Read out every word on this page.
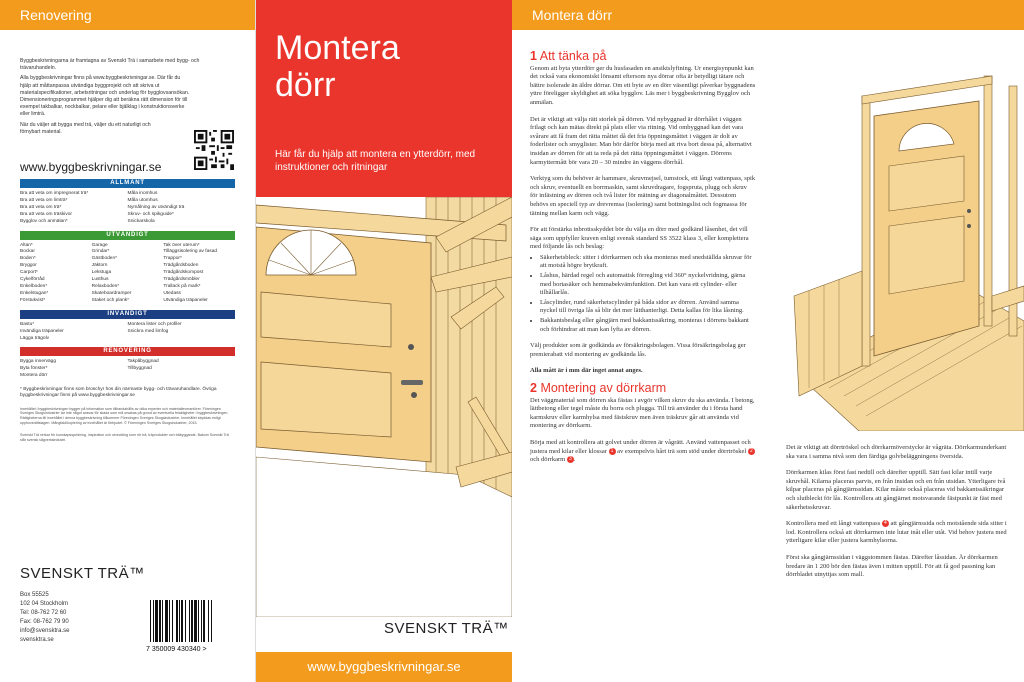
Renovering

Byggbeskrivningarna är framtagna av Svenskt Trä i samarbete med bygg- och trävaruhandeln.

Alla byggbeskrivningar finns på www.byggbeskrivningar.se. Där får du hjälp att måttanpassa utvändiga byggprojekt och att skriva ut materialspecifikationer, arbetsritningar och underlag för bygglovsansökan. Dimensioneringsprogrammet hjälper dig att beräkna rätt dimension för till exempel takbalkar, nockbalkar, pelare eller bjälklag i konstruktionsverke eller limträ.

När du väljer att bygga med trä, väljer du ett naturligt och förnybart material.

www.byggbeskrivningar.se
ALLMÄNT
Bra att veta om impregnerat trä*
Bra att veta om limträ*
Bra att veta om trä*
Bra att veta om träskivor
Bygglov och anmälan*
Måla inomhus
Måla utomhus
Nymålning av utvändigt trä
Skruv- och spikguide*
Snickarskola
UTVÄNDIGT
Altan*
Bockar
Boden*
Bryggor
Carport*
Cykelförråd
Enkelboden*
Enkelstugan*
Förstukvist*
Garage
Grindar*
Gästboden*
Jäktorn
Lekstuga
Lusthus
Relaxboden*
Skateboardramper
Staket och plank*
Tak över uterum*
Tilläggsisolering av fasad
Trappor*
Trädgårdsboden
Trädgårdskompost
Trädgårdsmöbler
Trallack på mark*
Utedass
Utvändiga träpaneler
INVÄNDIGT
Bastu*
Invändiga träpaneler
Lägga trägolv
Montera lister och profiler
Snickra med limfog
RENOVERING
Bygga innervägg
Byta fönster*
Montera dörr
Takpåbyggnad
Tillbyggnad
* Byggbeskrivningar finns som broschyr hos din närmaste bygg- och trävaruhandlare. Övriga byggbeskrivningar finns på www.byggbeskrivningar.se
Innehållet i byggbeskrivningen bygger på information som tillhandahålls av olika experter och materialleverantörer. Föreningen Sveriges Skogsindustrier tar inte något ansvar för skada som må orsakas på grund av eventuella felaktigheter i byggbeskrivningen. Rättigheterna till innehållet i denna byggbeskrivning tillkommer Föreningen Sveriges Skogsindustrier. Innehållet skyddas enligt upphovsrättslagen. Mångfald/kopiering av innehållet är förbjudet. © Föreningen Sveriges Skogsindustrier, 2015.
Svenskt Trä verkar för kunskapsspridning, inspiration och utveckling som rör trä, träprodukter och träbyggande. Bakom Svenskt Trä står svensk sågverksindustri.
SVENSKT TRÄ™
Box 55525
102 04 Stockholm
Tel: 08-762 72 60
Fax: 08-762 79 90
info@svensktra.se
svensktra.se
7 350009 430340 >
Montera
dörr
Här får du hjälp att montera en ytterdörr, med instruktioner och ritningar
SVENSKT TRÄ™
www.byggbeskrivningar.se
Montera dörr
1 Att tänka på

Genom att byta ytterdörr ger du husfasaden en ansiktslyftning. Ur energisynpunkt kan det också vara ekonomiskt lönsamt eftersom nya dörrar ofta är betydligt tätare och bättre isolerade än äldre dörrar. Om ett byte av en dörr väsentligt påverkar byggnadens yttre föreligger skyldighet att söka bygglov. Läs mer i byggbeskrivning Bygglov och anmälan.

Det är viktigt att välja rätt storlek på dörren. Vid nybyggnad är dörrhålet i väggen frilagt och kan mätas direkt på plats eller via ritning. Vid ombyggnad kan det vara svårare att få fram det rätta måttet då det fria öppningsmåttet i väggen är dolt av foderlister och smyglister. Man bör därför börja med att riva bort dessa på, alternativt insidan av dörren för att ta reda på det rätta öppningsmåttet i väggen. Dörrens karmyttermått bör vara 20 – 30 mindre än väggens dörrhål.

Verktyg som du behöver är hammare, skruvmejsel, tumstock, ett långt vattenpass, spik och skruv, eventuellt en borrmaskin, samt skruvdragare, fogspruta, plugg och skruv för infästning av dörren och två lister för mätning av diagonalmåttet. Dessutom behövs en speciell typ av drevremsa (isolering) samt bottningslist och fogmassa för tätning mellan karm och vägg.

För att förstärka inbrottsskyddet bör du välja en dörr med godkänd låsenhet, det vill säga som uppfyller kraven enligt svensk standard SS 3522 klass 3, eller komplettera med följande lås och beslag:

• Säkerhetsbleck: sitter i dörrkarmen och ska monteras med snedställda skruvar för att motstå högre brytkraft.
• Låshus, härdad regel och automatisk förregling vid 360° nyckelvridning, gärna med bortasäker och hemmabekvämfunktion. Det kan vara ett cylinder- eller tilhållarlås.
• Låscylinder, rund säkerhetscylinder på båda sidor av dörren. Använd samma nyckel till övriga lås så blir det mer lätthanterligt. Detta kallas för lika låsning.
• Bakkantsbeslag eller gångjärn med bakkantssäkring, monteras i dörrens bakkant och förhindrar att man kan lyfta av dörren.

Välj produkter som är godkända av försäkringsbolagen. Vissa försäkringsbolag ger premierabatt vid montering av godkända lås.

Alla mått är i mm där inget annat anges.

2 Montering av dörrkarm

Det väggmaterial som dörren ska fästas i avgör vilken skruv du ska använda. I betong, lättbetong eller tegel måste du borra och plugga. Till trä använder du i första hand karmskruv eller karmhylsa med fästskruv men även träskruv går att använda vid montering av dörrkarm.

Börja med att kontrollera att golvet under dörren är vågrätt. Använd vattenpasset och justera med kilar eller klossar 1 av exempelvis hårt trä som stöd under dörrtröskel 2 och dörrkarm 3 .

Det är viktigt att dörrtröskel och dörrkarmöverstycke är vågräta. Dörrkarmunderkant ska vara i samma nivå som den färdiga golvbeläggningens översida.

Dörrkarmen kilas först fast nedtill och därefter upptill. Sätt fast kilar intill varje skruvhål. Kilarna placeras parvis, en från insidan och en från utsidan. Ytterligare två kilpar placeras på gångjärnssidan. Kilar måste också placeras vid bakkantssäkringar och slutbleckt för lås. Kontrollera att gångjärnet motsvarande fästpunkt är fäst med säkerhetsskruvar.

Kontrollera med ett långt vattenpass 4 att gångjärnssida och motstående sida sitter i lod. Kontrollera också att dörrkarmen inte lutar inåt eller utåt. Vid behov justera med ytterligare kilar eller justera karmhylsorna.

Först ska gångjärnssidan i väggstommen fästas. Därefter låssidan. Är dörrkarmen bredare än 1 200 bör den fästas även i mitten upptill. För att få god passning kan dörrbladet utnyttjas som mall.
